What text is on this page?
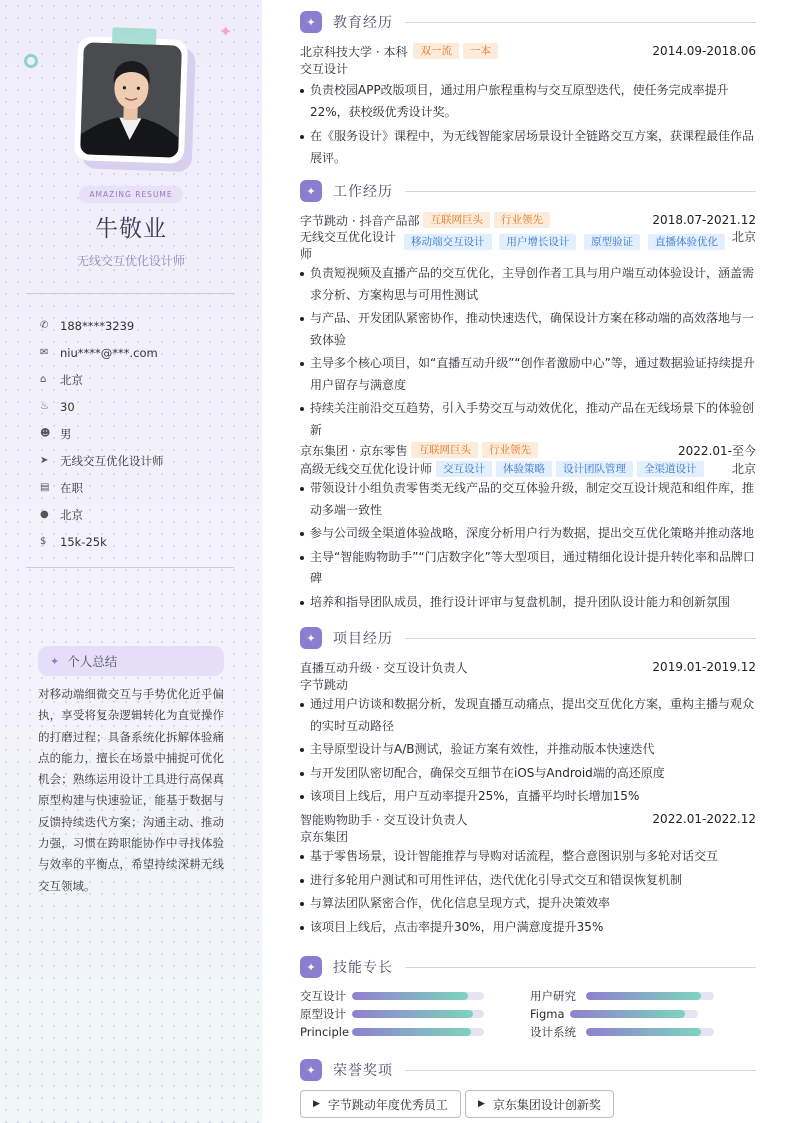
✦
AMAZING RESUME
牛敬业
无线交互优化设计师
✆	188****3239
✉	niu****@***.com
⌂	北京
♨ 30
☻ 男
➤	无线交互优化设计师
▤ 在职
● 北京
$	15k-25k
✦ 个人总结
对移动端细微交互与手势优化近乎偏执，享受将复杂逻辑转化为直觉操作的打磨过程；具备系统化拆解体验痛点的能力，擅长在场景中捕捉可优化机会；熟练运用设计工具进行高保真原型构建与快速验证，能基于数据与反馈持续迭代方案；沟通主动、推动力强，习惯在跨职能协作中寻找体验与效率的平衡点，希望持续深耕无线交互领域。
✦	教育经历
北京科技大学 · 本科	双一流	一本	2014.09-2018.06
交互设计
负责校园APP改版项目，通过用户旅程重构与交互原型迭代，使任务完成率提升22%，获校级优秀设计奖。
在《服务设计》课程中，为无线智能家居场景设计全链路交互方案，获课程最佳作品展评。
✦	工作经历
字节跳动 · 抖音产品部	互联网巨头	行业领先	2018.07-2021.12
无线交互优化设计师
移动端交互设计 用户增长设计 原型验证 直播体验优化	北京
负责短视频及直播产品的交互优化，主导创作者工具与用户端互动体验设计，涵盖需求分析、方案构思与可用性测试
与产品、开发团队紧密协作，推动快速迭代，确保设计方案在移动端的高效落地与一致体验
主导多个核心项目，如“直播互动升级”“创作者激励中心”等，通过数据验证持续提升用户留存与满意度
持续关注前沿交互趋势，引入手势交互与动效优化，推动产品在无线场景下的体验创新
京东集团 · 京东零售	互联网巨头	行业领先	2022.01-至今
高级无线交互优化设计师	交互设计	体验策略	设计团队管理	全渠道设计	北京
带领设计小组负责零售类无线产品的交互体验升级，制定交互设计规范和组件库，推动多端一致性
参与公司级全渠道体验战略，深度分析用户行为数据，提出交互优化策略并推动落地
主导“智能购物助手”“门店数字化”等大型项目，通过精细化设计提升转化率和品牌口碑
培养和指导团队成员，推行设计评审与复盘机制，提升团队设计能力和创新氛围
✦	项目经历
直播互动升级 · 交互设计负责人	2019.01-2019.12
字节跳动
通过用户访谈和数据分析，发现直播互动痛点，提出交互优化方案，重构主播与观众的实时互动路径
主导原型设计与A/B测试，验证方案有效性，并推动版本快速迭代
与开发团队密切配合，确保交互细节在iOS与Android端的高还原度
该项目上线后，用户互动率提升25%，直播平均时长增加15%
智能购物助手 · 交互设计负责人	2022.01-2022.12
京东集团
基于零售场景，设计智能推荐与导购对话流程，整合意图识别与多轮对话交互
进行多轮用户测试和可用性评估，迭代优化引导式交互和错误恢复机制
与算法团队紧密合作，优化信息呈现方式，提升决策效率
该项目上线后，点击率提升30%，用户满意度提升35%
✦	技能专长
交互设计	用户研究
原型设计	Figma
Principle	设计系统
✦	荣誉奖项
▶ 字节跳动年度优秀员工	▶ 京东集团设计创新奖
